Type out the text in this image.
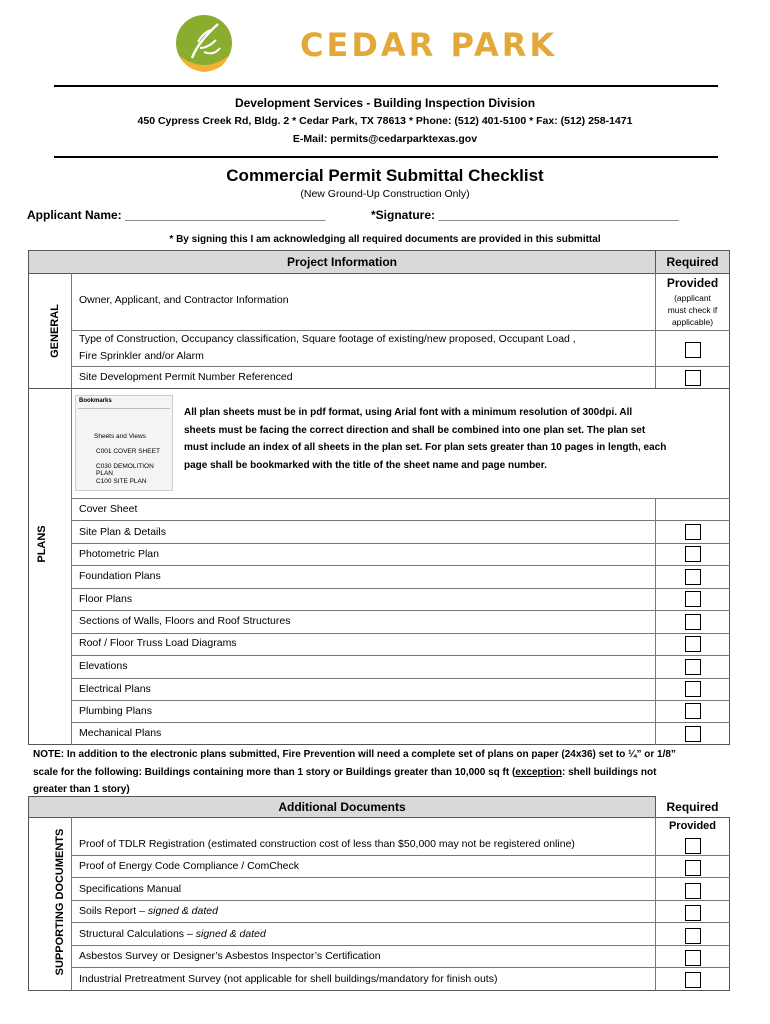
CEDAR PARK
Development Services - Building Inspection Division
450 Cypress Creek Rd, Bldg. 2 * Cedar Park, TX 78613 * Phone: (512) 401-5100 * Fax: (512) 258-1471
E-Mail: permits@cedarparktexas.gov
Commercial Permit Submittal Checklist
(New Ground-Up Construction Only)
Applicant Name: ______________________________	*Signature: ____________________________________
* By signing this I am acknowledging all required documents are provided in this submittal
Project Information	Required
GENERAL
Provided
(applicant
must check if
applicable)
Owner, Applicant, and Contractor Information
Type of Construction, Occupancy classification, Square footage of existing/new proposed, Occupant Load ,
Fire Sprinkler and/or Alarm
Site Development Permit Number Referenced
PLANS
Bookmarks
Sheets and Views
C001 COVER SHEET
C030 DEMOLITION PLAN
C100 SITE PLAN
All plan sheets must be in pdf format, using Arial font with a minimum resolution of 300dpi. All
sheets must be facing the correct direction and shall be combined into one plan set. The plan set
must include an index of all sheets in the plan set. For plan sets greater than 10 pages in length, each
page shall be bookmarked with the title of the sheet name and page number.
Cover Sheet
Site Plan & Details
Photometric Plan
Foundation Plans
Floor Plans
Sections of Walls, Floors and Roof Structures
Roof / Floor Truss Load Diagrams
Elevations
Electrical Plans
Plumbing Plans
Mechanical Plans
NOTE: In addition to the electronic plans submitted, Fire Prevention will need a complete set of plans on paper (24x36) set to ¼” or 1/8”
scale for the following: Buildings containing more than 1 story or Buildings greater than 10,000 sq ft (exception: shell buildings not
greater than 1 story)
Additional Documents	Required
SUPPORTING DOCUMENTS
Provided
Proof of TDLR Registration (estimated construction cost of less than $50,000 may not be registered online)
Proof of Energy Code Compliance / ComCheck
Specifications Manual
Soils Report – signed & dated
Structural Calculations – signed & dated
Asbestos Survey or Designer’s Asbestos Inspector’s Certification
Industrial Pretreatment Survey (not applicable for shell buildings/mandatory for finish outs)
